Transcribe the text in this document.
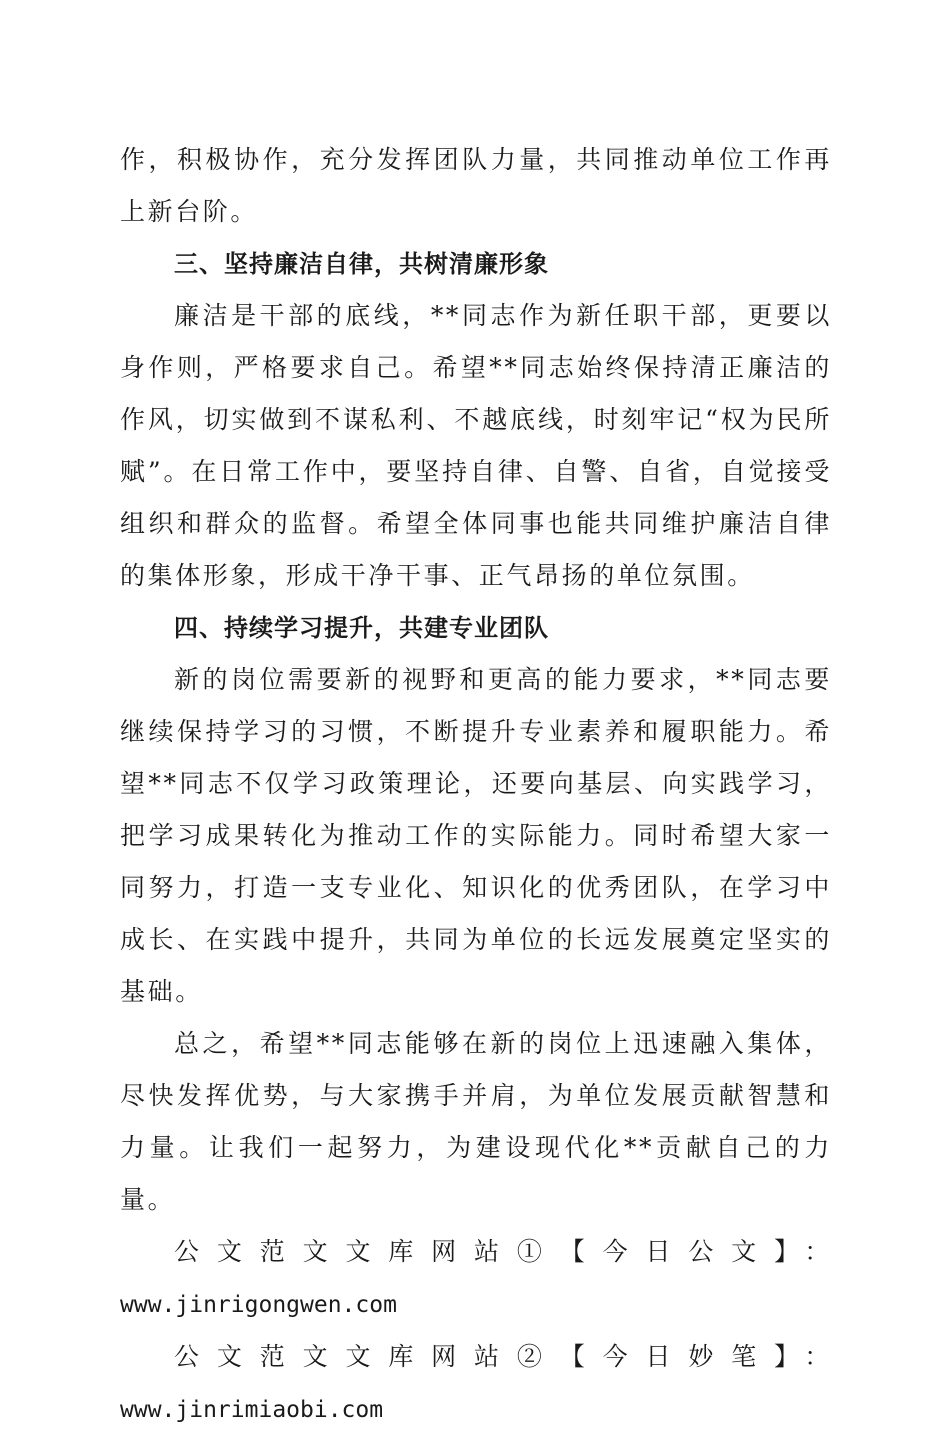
作，积极协作，充分发挥团队力量，共同推动单位工作再上新台阶。

三、坚持廉洁自律，共树清廉形象

廉洁是干部的底线，**同志作为新任职干部，更要以身作则，严格要求自己。希望**同志始终保持清正廉洁的作风，切实做到不谋私利、不越底线，时刻牢记“权为民所赋”。在日常工作中，要坚持自律、自警、自省，自觉接受组织和群众的监督。希望全体同事也能共同维护廉洁自律的集体形象，形成干净干事、正气昂扬的单位氛围。

四、持续学习提升，共建专业团队

新的岗位需要新的视野和更高的能力要求，**同志要继续保持学习的习惯，不断提升专业素养和履职能力。希望**同志不仅学习政策理论，还要向基层、向实践学习，把学习成果转化为推动工作的实际能力。同时希望大家一同努力，打造一支专业化、知识化的优秀团队，在学习中成长、在实践中提升，共同为单位的长远发展奠定坚实的基础。

总之，希望**同志能够在新的岗位上迅速融入集体，尽快发挥优势，与大家携手并肩，为单位发展贡献智慧和力量。让我们一起努力，为建设现代化**贡献自己的力量。

公文范文文库网站①【今日公文】：

www.jinrigongwen.com

公文范文文库网站②【今日妙笔】：www.jinrimiaobi.com
